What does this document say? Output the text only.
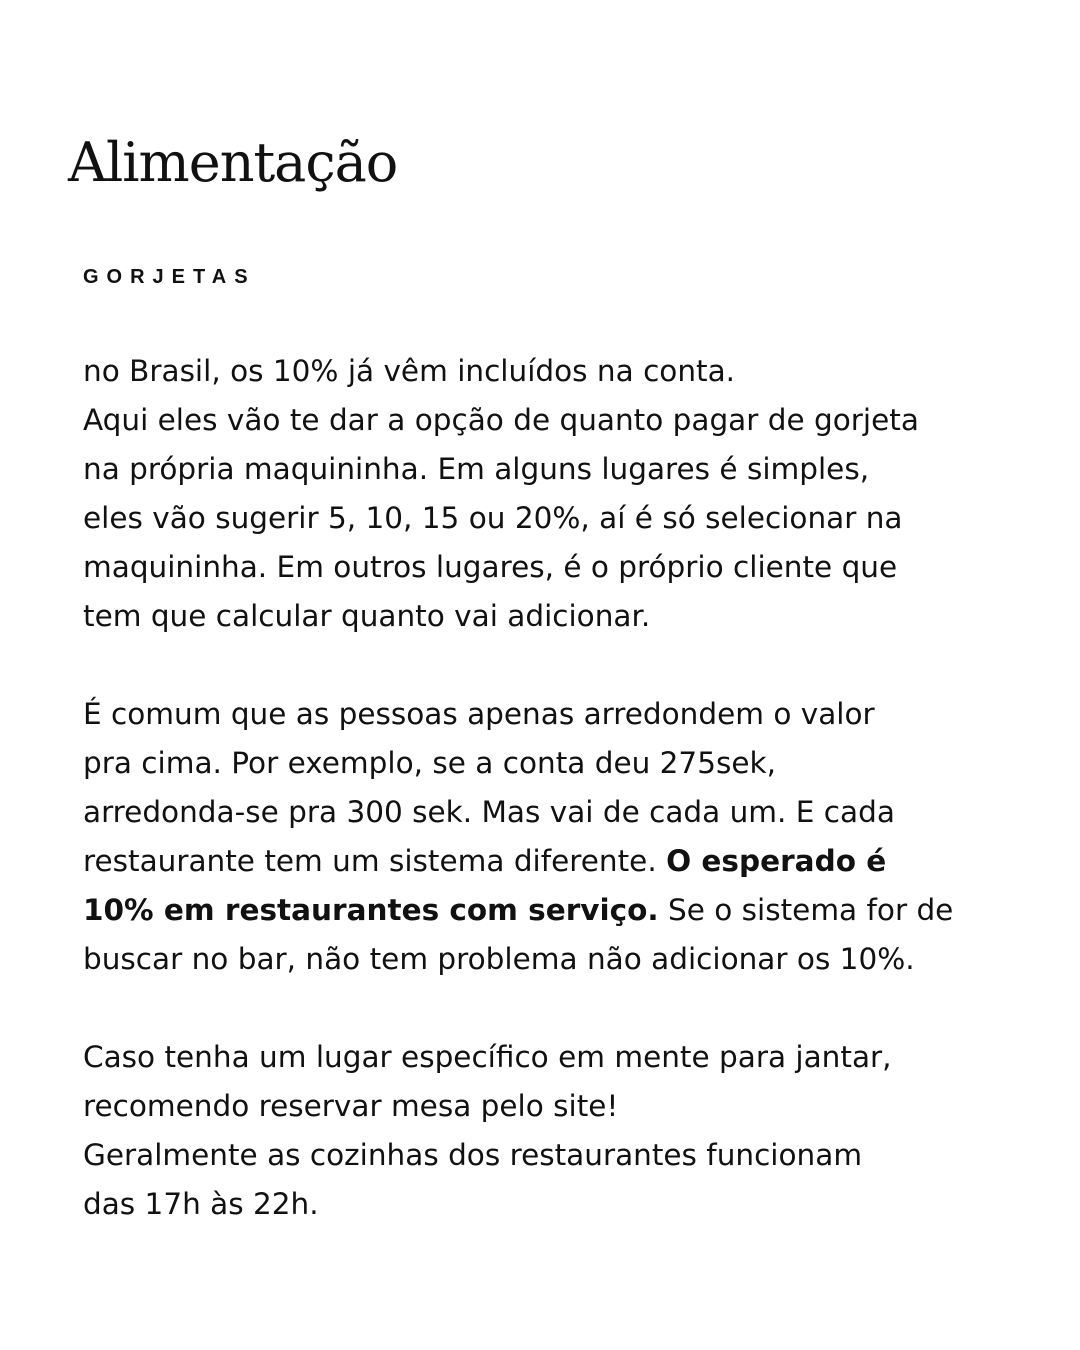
Alimentação
GORJETAS
no Brasil, os 10% já vêm incluídos na conta.
Aqui eles vão te dar a opção de quanto pagar de gorjeta
na própria maquininha. Em alguns lugares é simples,
eles vão sugerir 5, 10, 15 ou 20%, aí é só selecionar na
maquininha. Em outros lugares, é o próprio cliente que
tem que calcular quanto vai adicionar.
É comum que as pessoas apenas arredondem o valor
pra cima. Por exemplo, se a conta deu 275sek,
arredonda-se pra 300 sek. Mas vai de cada um. E cada
restaurante tem um sistema diferente. O esperado é
10% em restaurantes com serviço. Se o sistema for de
buscar no bar, não tem problema não adicionar os 10%.
Caso tenha um lugar específico em mente para jantar,
recomendo reservar mesa pelo site!
Geralmente as cozinhas dos restaurantes funcionam
das 17h às 22h.
